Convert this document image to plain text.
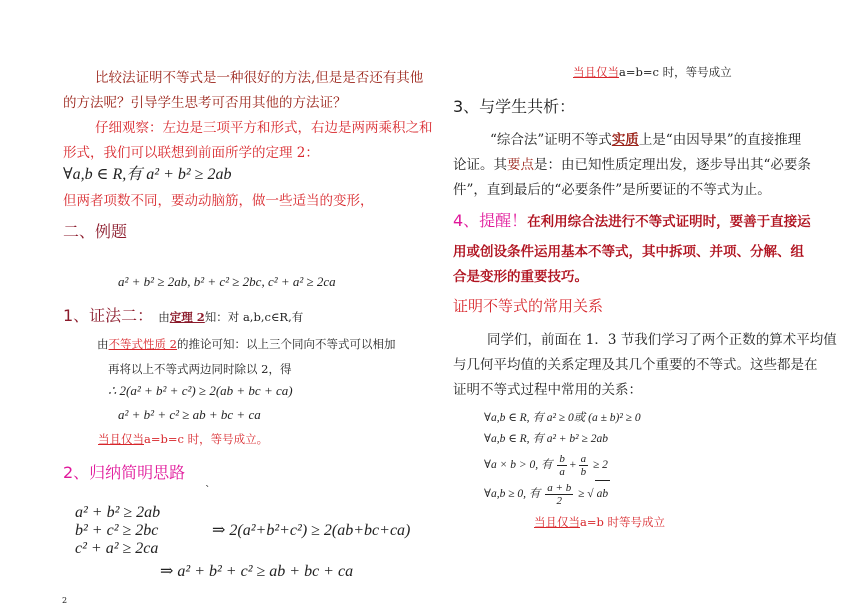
比较法证明不等式是一种很好的方法,但是是否还有其他
的方法呢？引导学生思考可否用其他的方法证？
仔细观察：左边是三项平方和形式，右边是两两乘积之和
形式，我们可以联想到前面所学的定理 2：
∀a,b ∈ R,有 a² + b² ≥ 2ab
但两者项数不同，要动动脑筋，做一些适当的变形，
二、例题
a² + b² ≥ 2ab, b² + c² ≥ 2bc, c² + a² ≥ 2ca
1、证法二： 由定理 2知：对 a,b,c∈R,有
由不等式性质 2的推论可知：以上三个同向不等式可以相加
再将以上不等式两边同时除以 2，得
∴ 2(a² + b² + c²) ≥ 2(ab + bc + ca)
a² + b² + c² ≥ ab + bc + ca
当且仅当a=b=c 时，等号成立。
2、归纳简明思路
ˋ
a² + b² ≥ 2ab
b² + c² ≥ 2bc
c² + a² ≥ 2ca
⇒ 2(a²+b²+c²) ≥ 2(ab+bc+ca)
⇒ a² + b² + c² ≥ ab + bc + ca
2
当且仅当a=b=c 时，等号成立
3、与学生共析：
“综合法”证明不等式实质上是“由因导果”的直接推理
论证。其要点是：由已知性质定理出发，逐步导出其“必要条
件”，直到最后的“必要条件”是所要证的不等式为止。
4、提醒！在利用综合法进行不等式证明时，要善于直接运
用或创设条件运用基本不等式，其中拆项、并项、分解、组
合是变形的重要技巧。
证明不等式的常用关系
同学们，前面在 1．3 节我们学习了两个正数的算术平均值
与几何平均值的关系定理及其几个重要的不等式。这些都是在
证明不等式过程中常用的关系：
∀a,b ∈ R, 有 a² ≥ 0或 (a ± b)² ≥ 0
∀a,b ∈ R, 有 a² + b² ≥ 2ab
∀a × b > 0, 有 $\frac{b}{a} + \frac{a}{b} \ge 2$
∀a,b ≥ 0, 有 $\frac{a + b}{2}$ ≥ √ ab
当且仅当a=b 时等号成立
